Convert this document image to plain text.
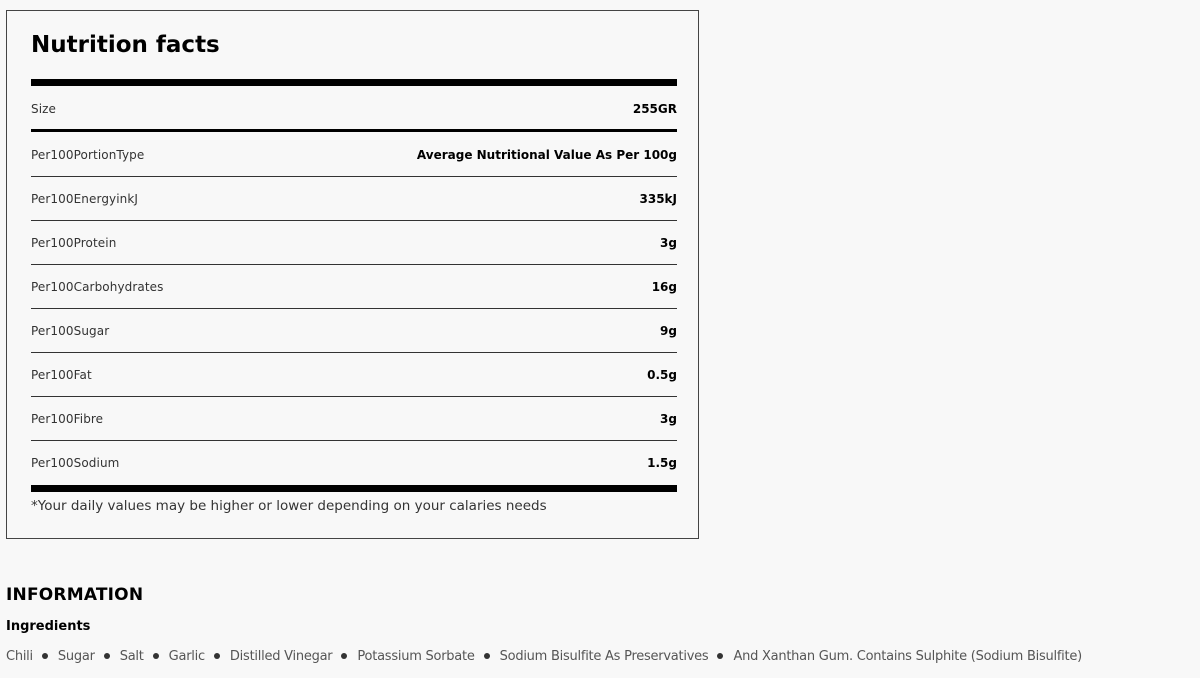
Nutrition facts
Size	255GR
Per100PortionType	Average Nutritional Value As Per 100g
Per100EnergyinkJ	335kJ
Per100Protein	3g
Per100Carbohydrates	16g
Per100Sugar	9g
Per100Fat	0.5g
Per100Fibre	3g
Per100Sodium	1.5g
*Your daily values may be higher or lower depending on your calaries needs
INFORMATION
Ingredients
Chili Sugar Salt Garlic Distilled Vinegar Potassium Sorbate Sodium Bisulfite As Preservatives And Xanthan Gum. Contains Sulphite (Sodium Bisulfite)
